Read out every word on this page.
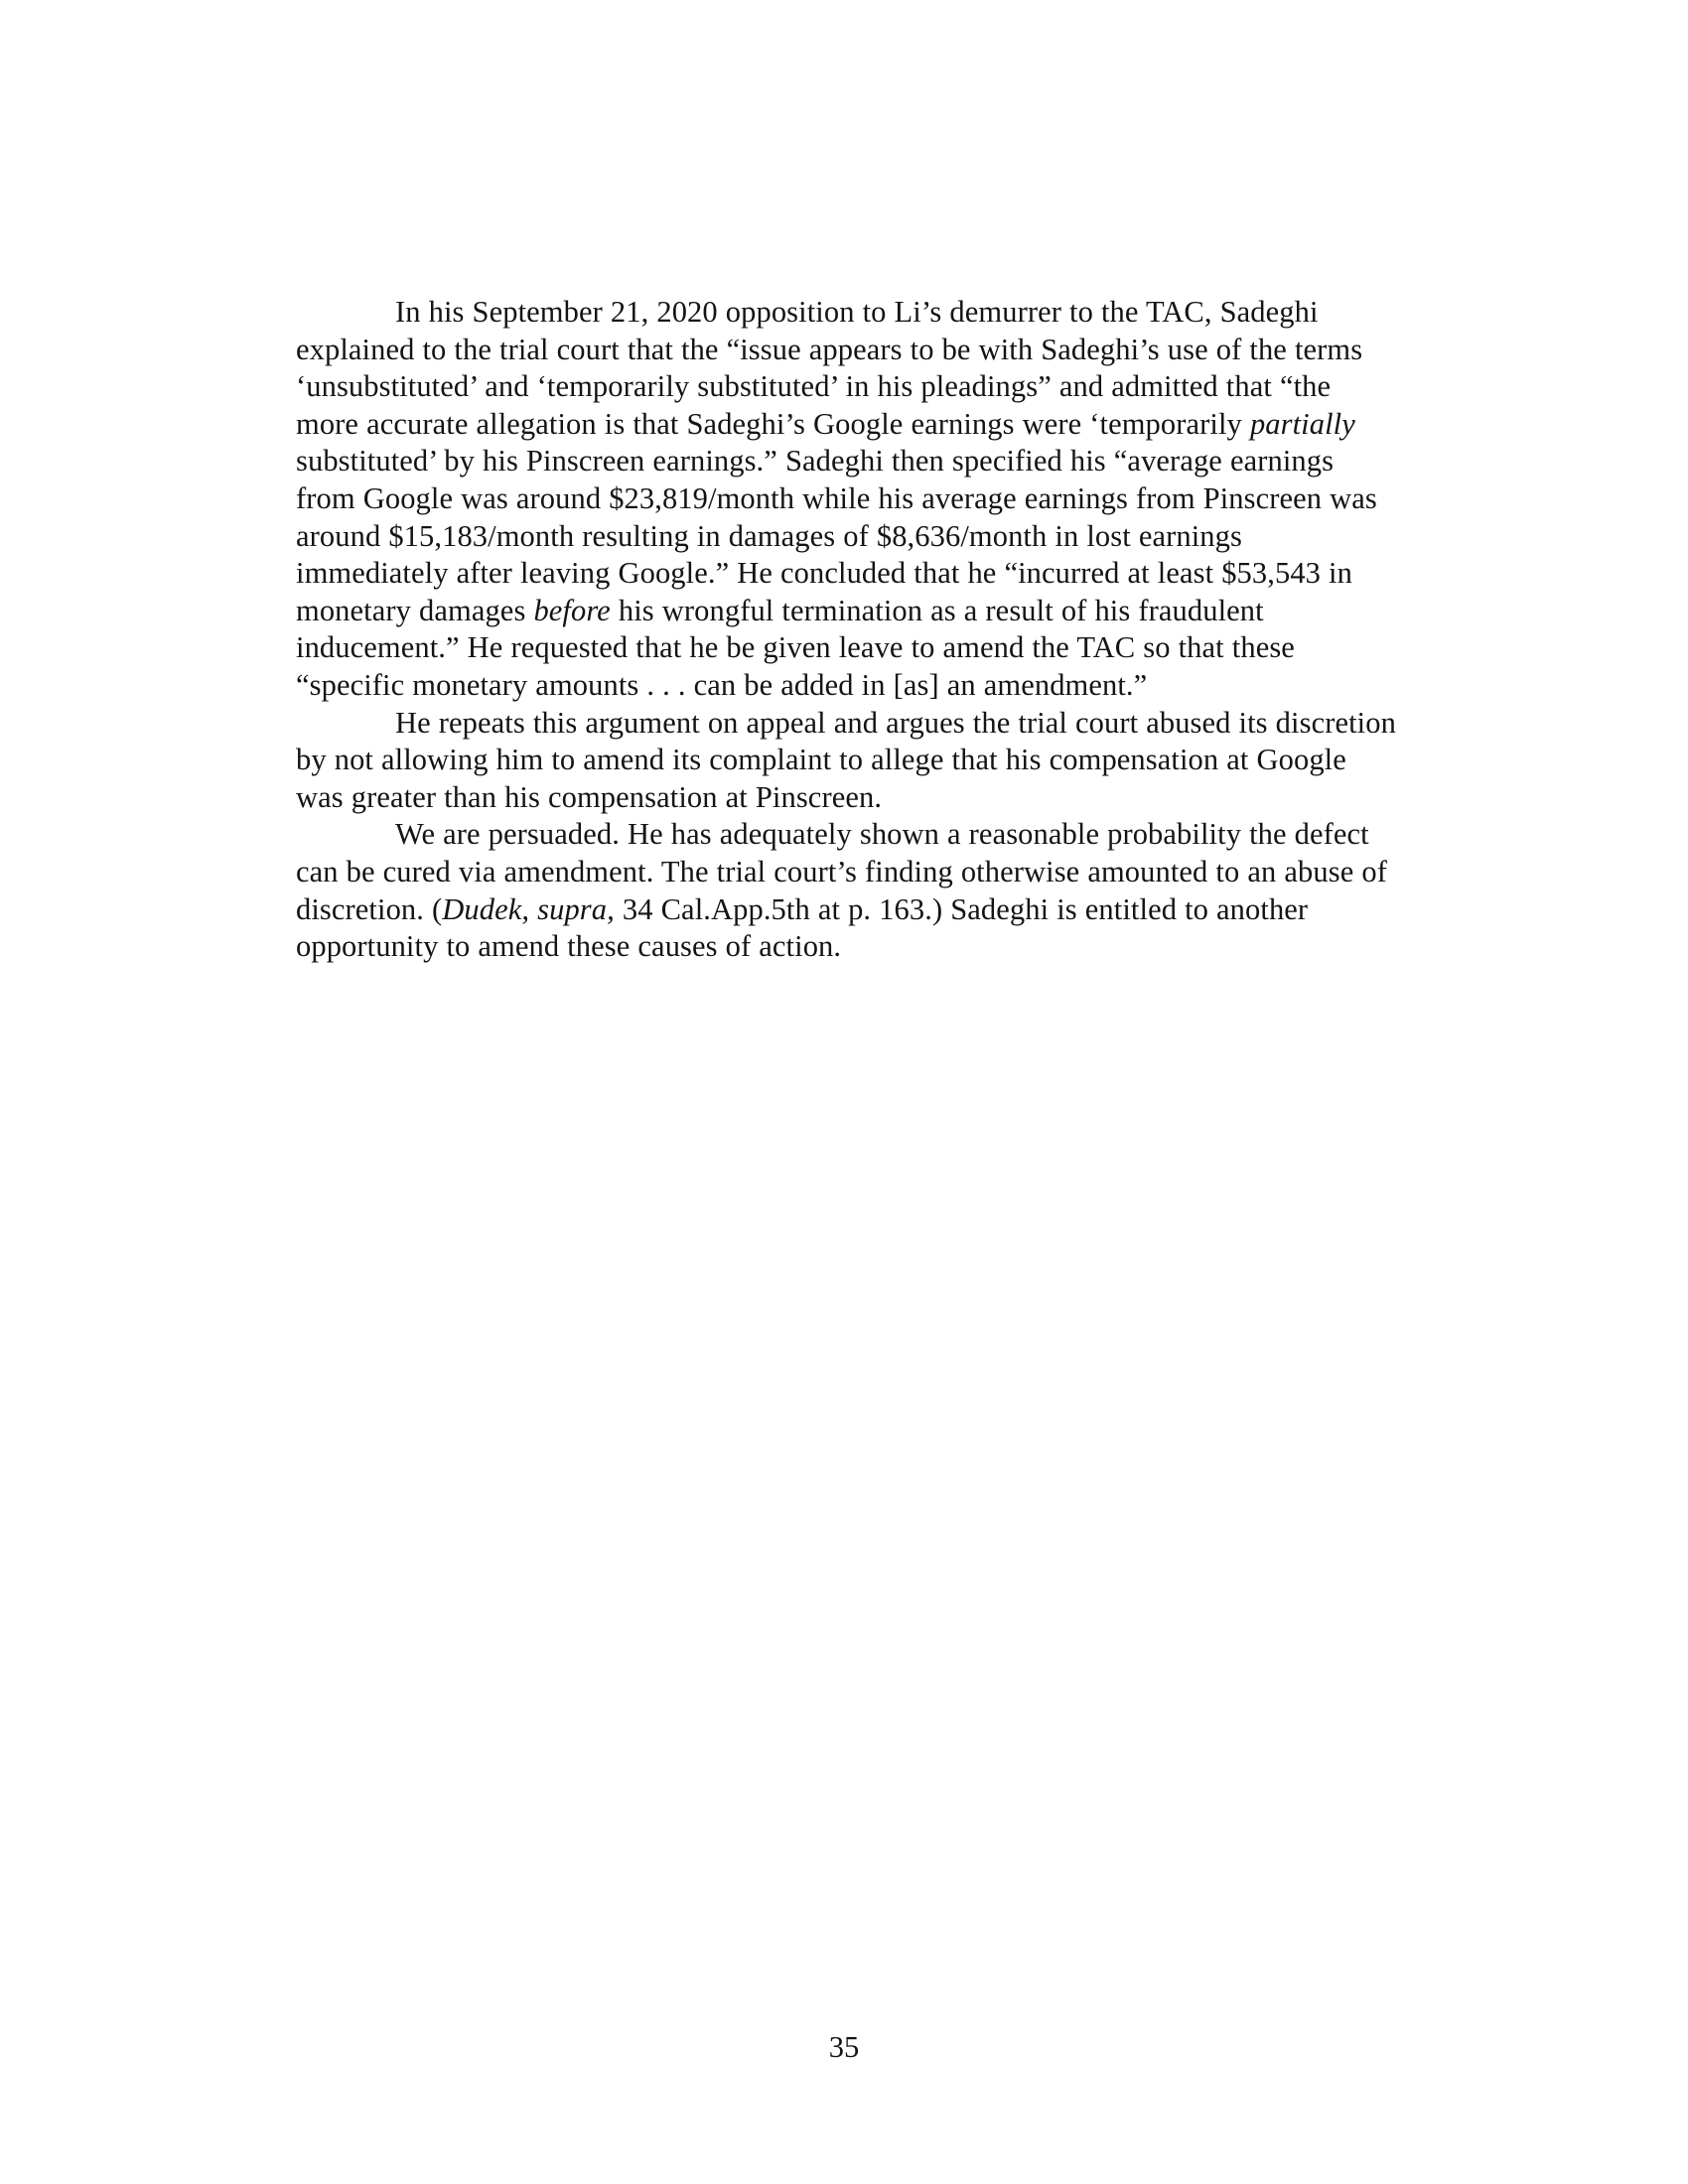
In his September 21, 2020 opposition to Li’s demurrer to the TAC, Sadeghi explained to the trial court that the “issue appears to be with Sadeghi’s use of the terms ‘unsubstituted’ and ‘temporarily substituted’ in his pleadings” and admitted that “the more accurate allegation is that Sadeghi’s Google earnings were ‘temporarily partially substituted’ by his Pinscreen earnings.” Sadeghi then specified his “average earnings from Google was around $23,819/month while his average earnings from Pinscreen was around $15,183/month resulting in damages of $8,636/month in lost earnings immediately after leaving Google.” He concluded that he “incurred at least $53,543 in monetary damages before his wrongful termination as a result of his fraudulent inducement.” He requested that he be given leave to amend the TAC so that these “specific monetary amounts . . . can be added in [as] an amendment.”

He repeats this argument on appeal and argues the trial court abused its discretion by not allowing him to amend its complaint to allege that his compensation at Google was greater than his compensation at Pinscreen.

We are persuaded. He has adequately shown a reasonable probability the defect can be cured via amendment. The trial court’s finding otherwise amounted to an abuse of discretion. (Dudek, supra, 34 Cal.App.5th at p. 163.) Sadeghi is entitled to another opportunity to amend these causes of action.

35
